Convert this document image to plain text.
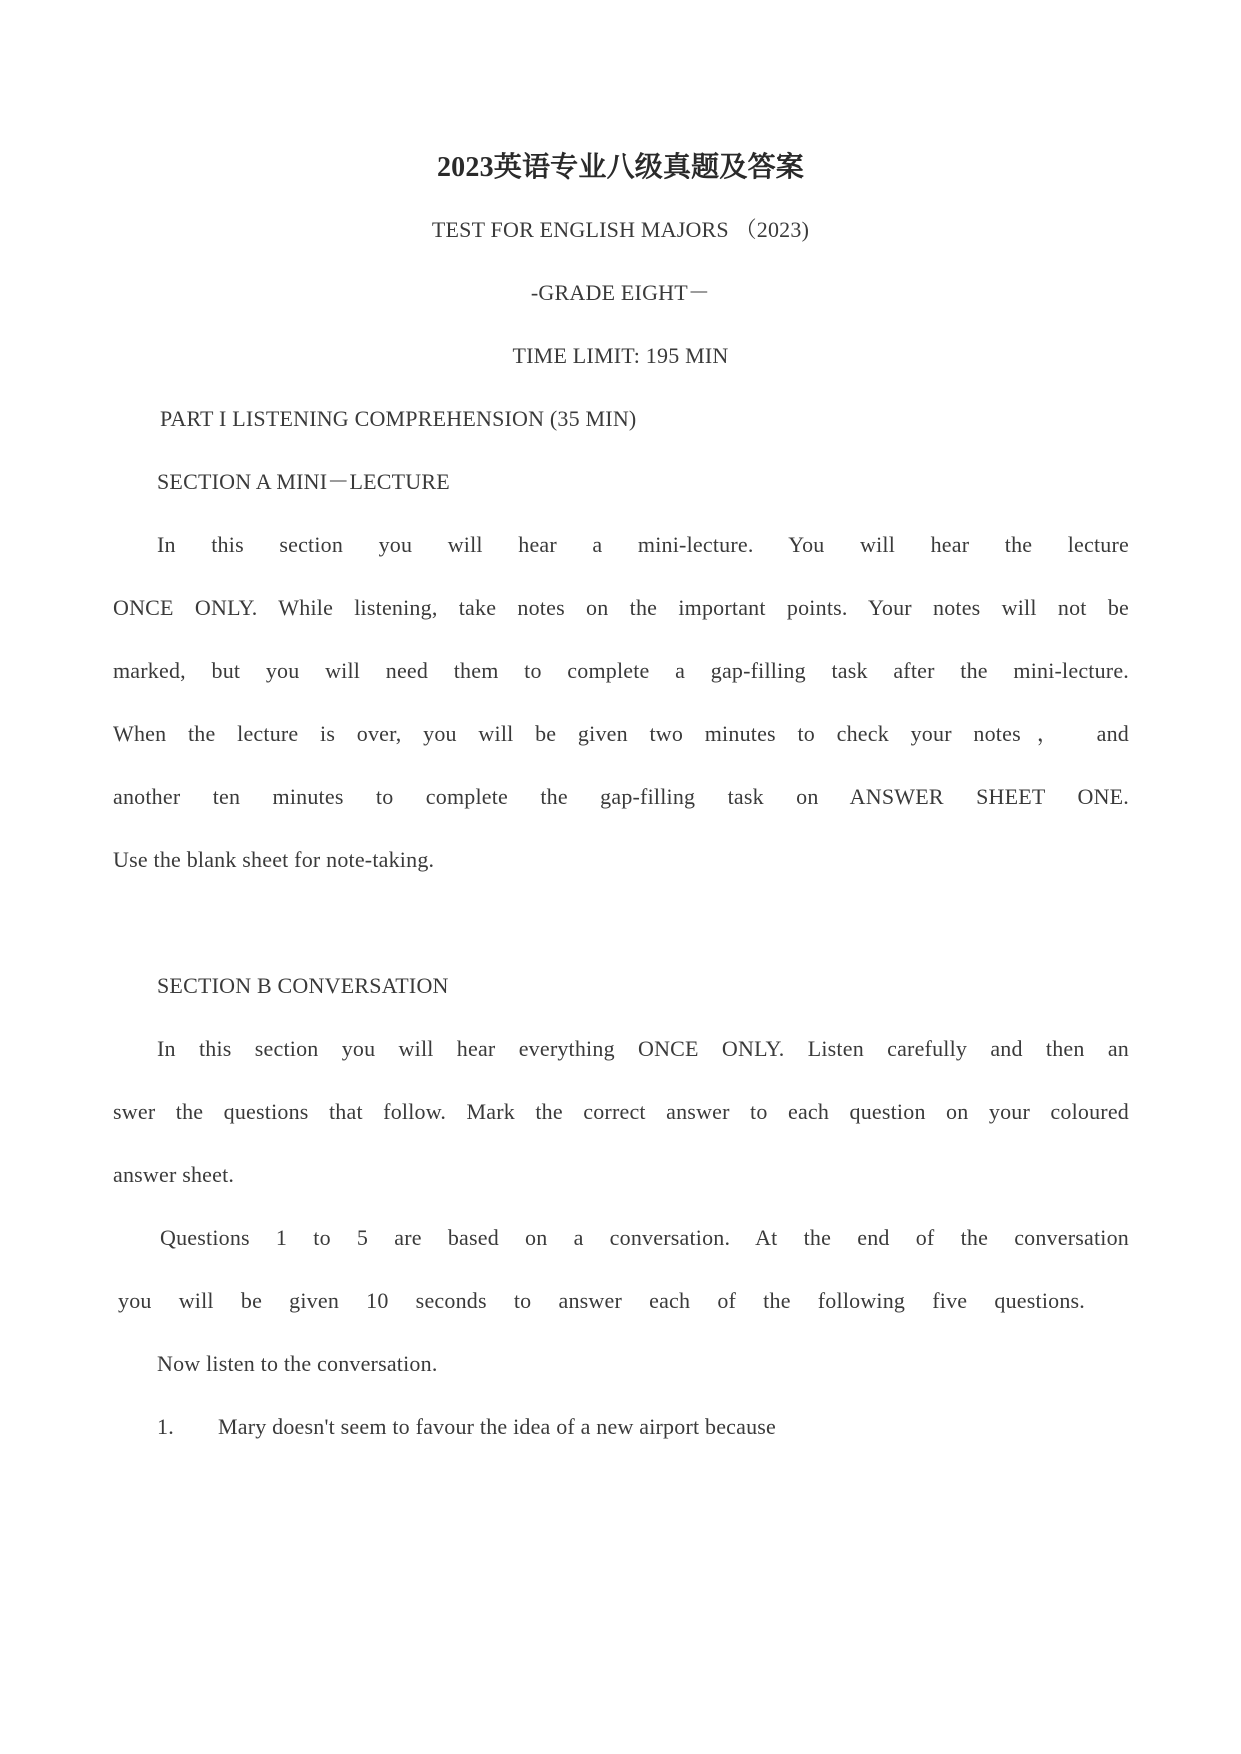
2023英语专业八级真题及答案
TEST FOR ENGLISH MAJORS （2023)
-GRADE EIGHT－
TIME LIMIT: 195 MIN
PART I LISTENING COMPREHENSION (35 MIN)
SECTION A MINI－LECTURE
In this section you will hear a mini-lecture. You will hear the lecture
ONCE ONLY. While listening, take notes on the important points. Your notes will not be
marked, but you will need them to complete a gap-filling task after the mini-lecture.
When the lecture is over, you will be given two minutes to check your notes， and
another ten minutes to complete the gap-filling task on ANSWER SHEET ONE.
Use the blank sheet for note-taking.
SECTION B CONVERSATION
In this section you will hear everything ONCE ONLY. Listen carefully and then an
swer the questions that follow. Mark the correct answer to each question on your coloured
answer sheet.
Questions 1 to 5 are based on a conversation. At the end of the conversation
you will be given 10 seconds to answer each of the following five questions.
Now listen to the conversation.
1. Mary doesn't seem to favour the idea of a new airport because
